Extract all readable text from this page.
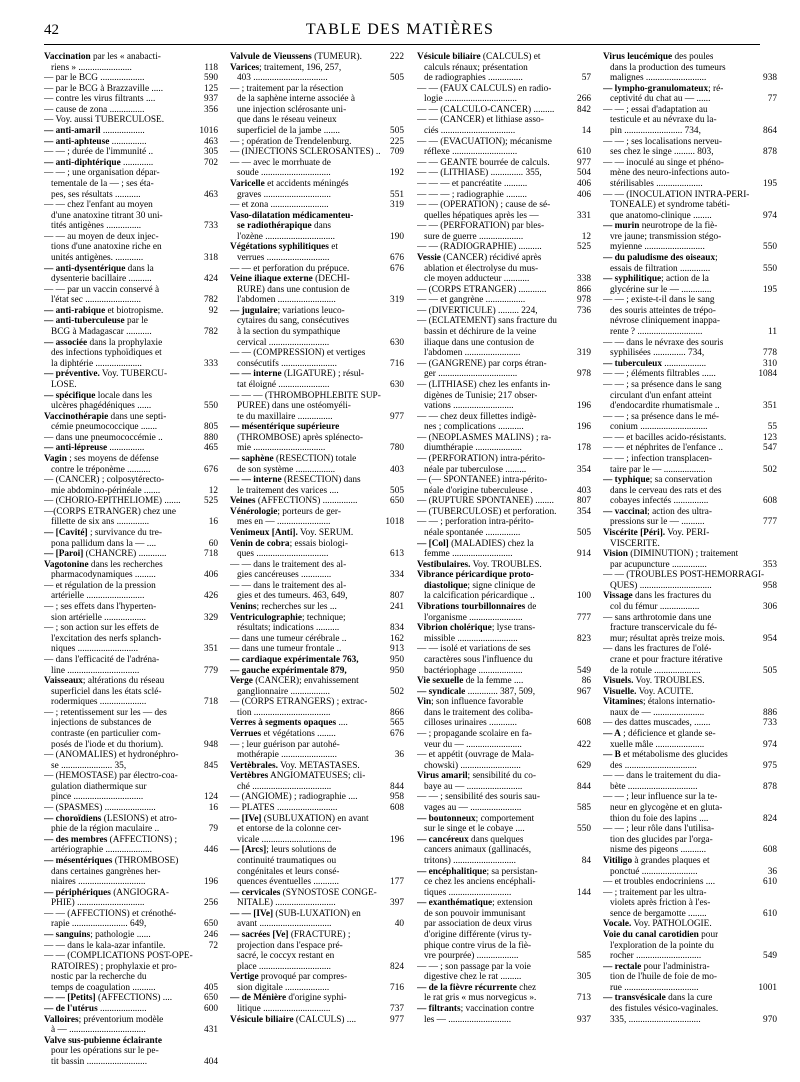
42	TABLE DES MATIÈRES
Vaccination par les « anabacti-
riens » .......................	118
— par le BCG ...................	590
— par le BCG à Brazzaville .....	125
— contre les virus filtrants ....	937
— cause de zona ...............	356
— Voy. aussi TUBERCULOSE.
— anti-amaril ..................	1016
— anti-aphteuse ...............	463
— — ; durée de l'immunité ..	305
— anti-diphtérique .............	702
— — ; une organisation dépar-
tementale de la — ; ses éta-
pes, ses résultats ...........	463
— — chez l'enfant au moyen
d'une anatoxine titrant 30 uni-
tités antigènes ...............	733
— — au moyen de deux injec-
tions d'une anatoxine riche en
unités antigènes. ............	318
— anti-dysentérique dans la
dysenterie bacillaire ..........	424
— — par un vaccin conservé à
l'état sec ........................	782
— anti-rabique et biotropisme.	92
— anti-tuberculeuse par le
BCG à Madagascar ...........	782
— associée dans la prophylaxie
des infections typhoïdiques et
la diphtérie ....................	333
— préventive. Voy. TUBERCU-
LOSE.
— spécifique locale dans les
ulcères phagédéniques ......	550
Vaccinothérapie dans une septi-
cémie pneumococcique .......	805
— dans une pneumococcémie ..	880
— anti-lépreuse ...............	465
Vagin ; ses moyens de défense
contre le tréponème ..........	676
— (CANCER) ; colposytérecto-
mie abdomino-périnéale .......	12
— (CHORIO-ÉPITHÉLIOME) .......	525
—(CORPS ÉTRANGER) chez une
fillette de six ans ..............	16
— [Cavité] ; survivance du tre-
pona pallidum dans la — ....	60
— [Paroi] (CHANCRE) ............	718
Vagotonine dans les recherches
pharmacodynamiques .........	406
— et régulation de la pression
artérielle .........................	426
— ; ses effets dans l'hyperten-
sion artérielle ..................	329
— ; son action sur les effets de
l'excitation des nerfs splanch-
niques ..........................	351
— dans l'efficacité de l'adréna-
line ...............................	779
Vaisseaux; altérations du réseau
superficiel dans les états sclé-
rodermiques ....................	718
— ; retentissement sur les — des
injections de substances de
contraste (en particulier com-
posés de l'iode et du thorium).	948
— (ANOMALIES) et hydronéphro-
se ...................... 35,	845
— (HÉMOSTASE) par électro-coa-
gulation diathermique sur
pince ..............................	124
— (SPASMES) ......................	16
— choroïdiens (LÉSIONS) et atro-
phie de la région maculaire ..	79
— des membres (AFFECTIONS) ;
artériographie ....................	446
— mésentériques (THROMBOSE)
dans certaines gangrènes her-
niaires .............................	196
— périphériques (ANGIOGRA-
PHIE) .............................	256
— — (AFFECTIONS) et crénothé-
rapie ........................ 649,	650
— sanguins; pathologie ......	246
— — dans le kala-azar infantile.	72
— — (COMPLICATIONS POST-OPÉ-
RATOIRES) ; prophylaxie et pro-
nostic par la recherche du
temps de coagulation ..........	405
— — [Petits] (AFFECTIONS) ....	650
— de l'utérus ....................	600
Valloires; préventorium modèle
à — .................................	431
Valve sus-pubienne éclairante
pour les opérations sur le pe-
tit bassin ..........................	404
Valvule de Vieussens (TUMEUR).	222
Varices; traitement, 196, 257,
403 ................................	505
— ; traitement par la résection
de la saphène interne associée à
une injection sclérosante uni-
que dans le réseau veineux
superficiel de la jambe .......	505
— ; opération de Trendelenburg.	225
— (INJECTIONS SCLÉROSANTES) .. 709
— — avec le morrhuate de
soude ..............................	192
Varicelle et accidents méningés
graves .............................	551
— et zona .........................	319
Vaso-dilatation médicamenteu-
se radiothérapique dans
l'ozène ..............................	190
Végétations syphilitiques et
verrues ...........................	676
— — et perforation du prépuce.	676
Veine iliaque externe (DÉCHI-
RURE) dans une contusion de
l'abdomen .........................	319
— jugulaire; variations leuco-
cytaires du sang, consécutives
à la section du sympathique
cervical ..........................	630
— — (COMPRESSION) et vertiges
consécutifs ........................	716
— — interne (LIGATURE) ; résul-
tat éloigné ......................	630
— — — (THROMBOPHLÉBITE SUP-
PURÉE) dans une ostéomyéli-
te du maxillaire ...............	977
— mésentérique supérieure
(THROMBOSE) après splénecto-
mie ...............................	780
— saphène (RÉSECTION) totale
de son système .................	403
— — interne (RÉSECTION) dans
le traitement des varices ....	505
Veines (AFFECTIONS) ...............	650
Vénérologie; porteurs de ger-
mes en — .......................	1018
Venimeux [Anti]. Voy. SÉRUM.
Venin de cobra; essais biologi-
ques ...............................	613
— — dans le traitement des al-
gies cancéreuses .............	334
— — dans le traitement des al-
gies et des tumeurs. 463, 649,	807
Venins; recherches sur les ...	241
Ventriculographie; technique;
résultats; indications ..........	834
— dans une tumeur cérébrale ..	162
— dans une tumeur frontale ..	913
— cardiaque expérimentale 763,	950
— gauche expérimentale 879,	950
Verge (CANCER); envahissement
ganglionnaire .................	502
— (CORPS ÉTRANGERS) ; extrac-
tion .................................	866
Verres à segments opaques ....	565
Verrues et végétations ........	676
— ; leur guérison par autohé-
mothérapie ........................	36
Vertèbrales. Voy. MÉTASTASES.
Vertèbres ANGIOMATEUSES; cli-
ché ..................................	844
— (ANGIOME) ; radiographie ....	958
— PLATES ..........................	608
— [IVe] (SUBLUXATION) en avant
et entorse de la colonne cer-
vicale ..............................	196
— [Arcs]; leurs solutions de
continuité traumatiques ou
congénitales et leurs consé-
quences éventuelles ...........	177
— cervicales (SYNOSTOSE CONGÉ-
NITALE) ..........................	397
— — [IVe] (SUB-LUXATION) en
avant ...............................	40
— sacrées [Ve] (FRACTURE) ;
projection dans l'espace pré-
sacré, le coccyx restant en
place ...............................	824
Vertige provoqué par compres-
sion digitale ...................	716
— de Ménière d'origine syphi-
litique .............................	737
Vésicule biliaire (CALCULS) ....	977
Vésicule biliaire (CALCULS) et
calculs rénaux; présentation
de radiographies ...............	57
— — (FAUX CALCULS) en radio-
logie ...............................	266
— — (CALCULO-CANCER) ......... 842
— — (CANCER) et lithiase asso-
ciés ................................	14
— — (ÉVACUATION); mécanisme
réflexe ............................	610
— — GÉANTE bourrée de calculs.	977
— — (LITHIASE) .............. 355,	504
— — — et pancréatite ..........	406
— — — ; radiographie .........	406
— — (OPÉRATION) ; cause de sé-
quelles hépatiques après les —	331
— — (PERFORATION) par bles-
sure de guerre ...................	12
— — (RADIOGRAPHIE) ..........	525
Vessie (CANCER) récidivé après
ablation et électrolyse du mus-
cle moyen adducteur ...........	338
— (CORPS ÉTRANGER) ............	866
— — et gangrène .................	978
— (DIVERTICULE) ......... 224,	736
— (ÉCLATEMENT) sans fracture du
bassin et déchirure de la veine
iliaque dans une contusion de
l'abdomen ........................	319
— (GANGRÈNE) par corps étran-
ger ..................................	978
— (LITHIASE) chez les enfants in-
digènes de Tunisie; 217 obser-
vations ..........................	196
— — chez deux fillettes indigè-
nes ; complications ...........	196
— (NÉOPLASMES MALINS) ; ra-
diumthérapie ....................	178
— (PERFORATION) intra-périto-
néale par tuberculose .........	354
— (— SPONTANÉE) intra-périto-
néale d'origine tuberculeuse .	403
— (RUPTURE SPONTANÉE) ........ 807
— (TUBERCULOSE) et perforation. 354
— — ; perforation intra-périto-
néale spontanée ...............	505
— [Col] (MALADIES) chez la
femme ..........................	914
Vestibulaires. Voy. TROUBLES.
Vibrance péricardique proto-
diastolique; signe clinique de
la calcification péricardique ..	100
Vibrations tourbillonnaires de
l'organisme .......................	777
Vibrion cholérique; lyse trans-
missible ..........................	823
— — isolé et variations de ses
caractères sous l'influence du
bactériophage ...................	549
Vie sexuelle de la femme ....	86
— syndicale ............. 387, 509,	967
Vin; son influence favorable
dans le traitement des coliba-
cilloses urinaires ............	608
— ; propagande scolaire en fa-
veur du — ........................	422
— et appétit (ouvrage de Mala-
chowski) ..........................	629
Virus amaril; sensibilité du co-
baye au — ........................	844
— — ; sensibilité des souris sau-
vages au — ......................	585
— boutonneux; comportement
sur le singe et le cobaye ....	550
— cancéreux dans quelques
cancers animaux (gallinacés,
tritons) ...........................	84
— encéphalitique; sa persistan-
ce chez les anciens encéphali-
tiques ...........................	144
— exanthématique; extension
de son pouvoir immunisant
par association de deux virus
d'origine différente (virus ty-
phique contre virus de la fiè-
vre pourprée) ..................	585
— — ; son passage par la voie
digestive chez le rat .........	305
— de la fièvre récurrente chez
le rat gris « mus norvegicus ».	713
— filtrants; vaccination contre
les — ...........................	937
Virus leucémique des poules
dans la production des tumeurs
malignes ..........................	938
— lympho-granulomateux; ré-
ceptivité du chat au — ......	77
— — ; essai d'adaptation au
testicule et au névraxe du la-
pin ......................... 734,	864
— — ; ses localisations nerveu-
ses chez le singe ......... 803,	878
— — inoculé au singe et phéno-
mène des neuro-infections auto-
stérilisables ....................	195
— — (INOCULATION INTRA-PÉRI-
TONÉALE) et syndrome tabéti-
que anatomo-clinique ........	974
— murin neurotrope de la fiè-
vre jaune; transmission stégo-
myienne ..........................	550
— du paludisme des oiseaux;
essais de filtration .............	550
— syphilitique; action de la
glycérine sur le — .............	195
— — ; existe-t-il dans le sang
des souris atteintes de trépo-
névrose cliniquement inappa-
rente ? ............................	11
— — dans le névraxe des souris
syphilisées .............. 734,	778
— tuberculeux ..................	310
— — ; éléments filtrables ......	1084
— — ; sa présence dans le sang
circulant d'un enfant atteint
d'endocardite rhumatismale ..	351
— — ; sa présence dans le mé-
conium .............................	55
— — et bacilles acido-résistants.	123
— — et néphrites de l'enfance ..	547
— — ; infection transplacen-
taire par le — ..................	502
— typhique; sa conservation
dans le cerveau des rats et des
cobayes infectés ...............	608
— vaccinal; action des ultra-
pressions sur le — ..........	777
Viscérite [Péri]. Voy. PÉRI-
VISCÉRITE.
Vision (DIMINUTION) ; traitement
par acupuncture ...............	353
— — (TROUBLES POST-HÉMORRAGI-
QUES) ...............................	958
Vissage dans les fractures du
col du fémur .................	306
— sans arthrotomie dans une
fracture transcervicale du fé-
mur; résultat après treize mois.	954
— dans les fractures de l'olé-
crane et pour fracture itérative
de la rotule ....................	505
Visuels. Voy. TROUBLES.
Visuelle. Voy. ACUITÉ.
Vitamines; étalons internatio-
naux de — ......................	886
— des dattes muscades, .......	733
— A ; déficience et glande se-
xuelle mâle .....................	974
— B et métabolisme des glucides
des ...............................	975
— — dans le traitement du dia-
bète ..............................	878
— — ; leur influence sur la te-
neur en glycogène et en gluta-
thion du foie des lapins ....	824
— — ; leur rôle dans l'utilisa-
tion des glucides par l'orga-
nisme des pigeons ...........	608
Vitiligo à grandes plaques et
ponctué ........................	36
— et troubles endocriniens ....	610
— ; traitement par les ultra-
violets après friction à l'es-
sence de bergamotte ........	610
Vocale. Voy. PATHOLOGIE.
Voie du canal carotidien pour
l'exploration de la pointe du
rocher ............................	549
— rectale pour l'administra-
tion de l'huile de foie de mo-
rue ................................	1001
— transvésicale dans la cure
des fistules vésico-vaginales.
335, ...............................	970
